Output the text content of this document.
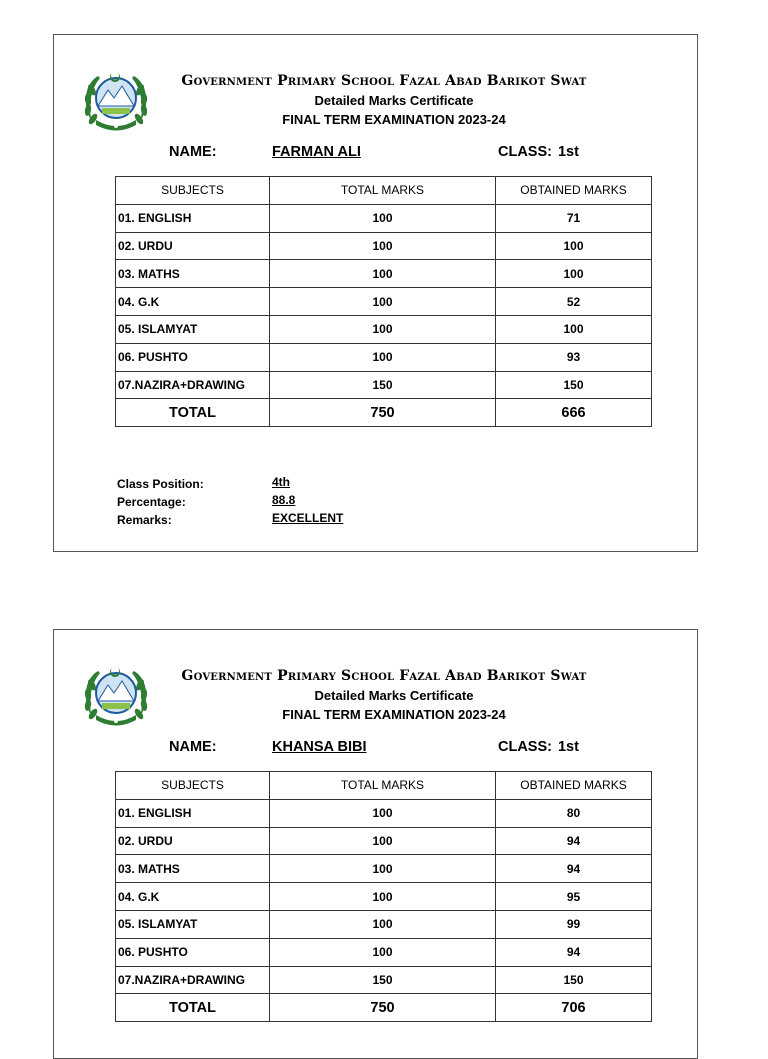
Government Primary School Fazal Abad Barikot Swat
Detailed Marks Certificate
FINAL TERM EXAMINATION 2023-24
NAME:	FARMAN ALI	CLASS: 1st
SUBJECTS	TOTAL MARKS	OBTAINED MARKS
01. ENGLISH	100	71
02. URDU	100	100
03. MATHS	100	100
04. G.K	100	52
05. ISLAMYAT	100	100
06. PUSHTO	100	93
07.NAZIRA+DRAWING	150	150
TOTAL	750	666
Class Position:	4th
Percentage:	88.8
Remarks:	EXCELLENT
Government Primary School Fazal Abad Barikot Swat
Detailed Marks Certificate
FINAL TERM EXAMINATION 2023-24
NAME:	KHANSA BIBI	CLASS: 1st
SUBJECTS	TOTAL MARKS	OBTAINED MARKS
01. ENGLISH	100	80
02. URDU	100	94
03. MATHS	100	94
04. G.K	100	95
05. ISLAMYAT	100	99
06. PUSHTO	100	94
07.NAZIRA+DRAWING	150	150
TOTAL	750	706
